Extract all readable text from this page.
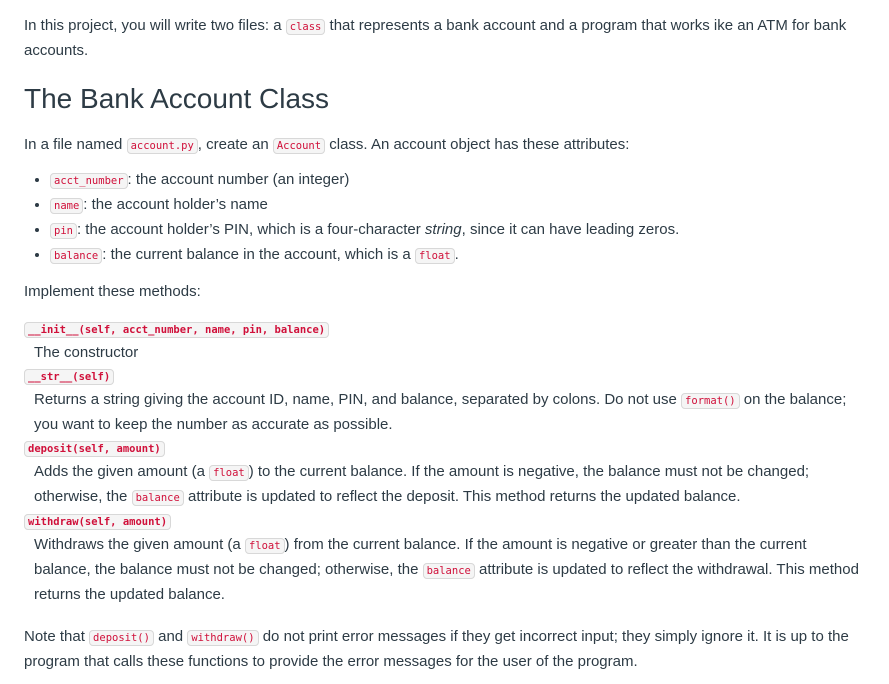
In this project, you will write two files: a class that represents a bank account and a program that works ike an ATM for bank accounts.

The Bank Account Class

In a file named account.py , create an Account class. An account object has these attributes:

• acct_number : the account number (an integer)
• name : the account holder’s name
• pin : the account holder’s PIN, which is a four-character string, since it can have leading zeros.
• balance : the current balance in the account, which is a float .

Implement these methods:

__init__(self, acct_number, name, pin, balance)
The constructor
__str__(self)
Returns a string giving the account ID, name, PIN, and balance, separated by colons. Do not use format() on the balance; you want to keep the number as accurate as possible.
deposit(self, amount)
Adds the given amount (a float ) to the current balance. If the amount is negative, the balance must not be changed; otherwise, the balance attribute is updated to reflect the deposit. This method returns the updated balance.
withdraw(self, amount)
Withdraws the given amount (a float ) from the current balance. If the amount is negative or greater than the current balance, the balance must not be changed; otherwise, the balance attribute is updated to reflect the withdrawal. This method returns the updated balance.

Note that deposit() and withdraw() do not print error messages if they get incorrect input; they simply ignore it. It is up to the program that calls these functions to provide the error messages for the user of the program.
